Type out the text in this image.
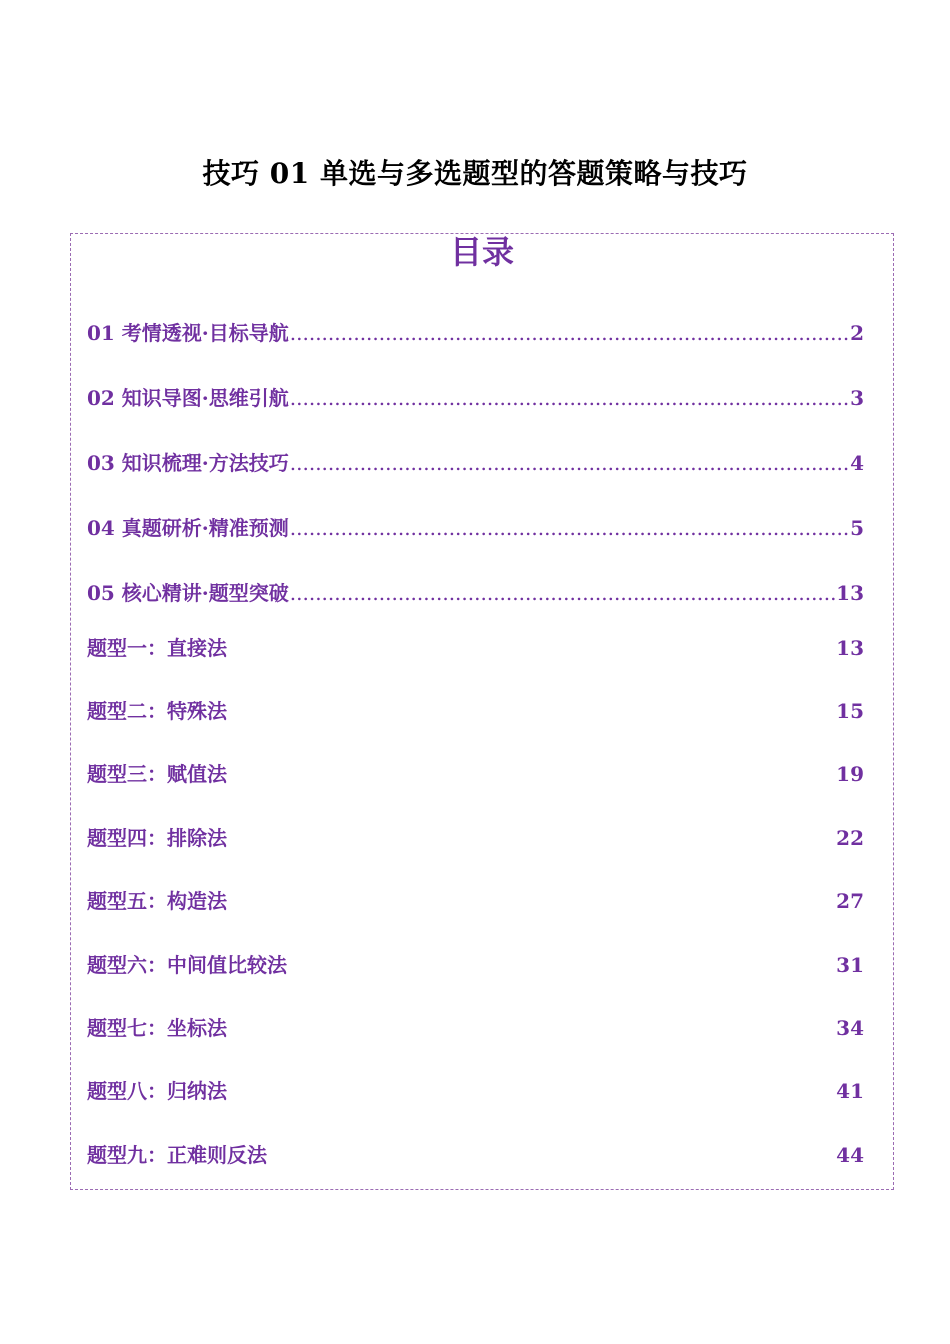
技巧 01 单选与多选题型的答题策略与技巧
目录
01 考情透视·目标导航 .....	2
02 知识导图·思维引航 .....	3
03 知识梳理·方法技巧 .....	4
04 真题研析·精准预测 .....	5
05 核心精讲·题型突破 .....	13
题型一：直接法	13
题型二：特殊法	15
题型三：赋值法	19
题型四：排除法	22
题型五：构造法	27
题型六：中间值比较法	31
题型七：坐标法	34
题型八：归纳法	41
题型九：正难则反法	44
